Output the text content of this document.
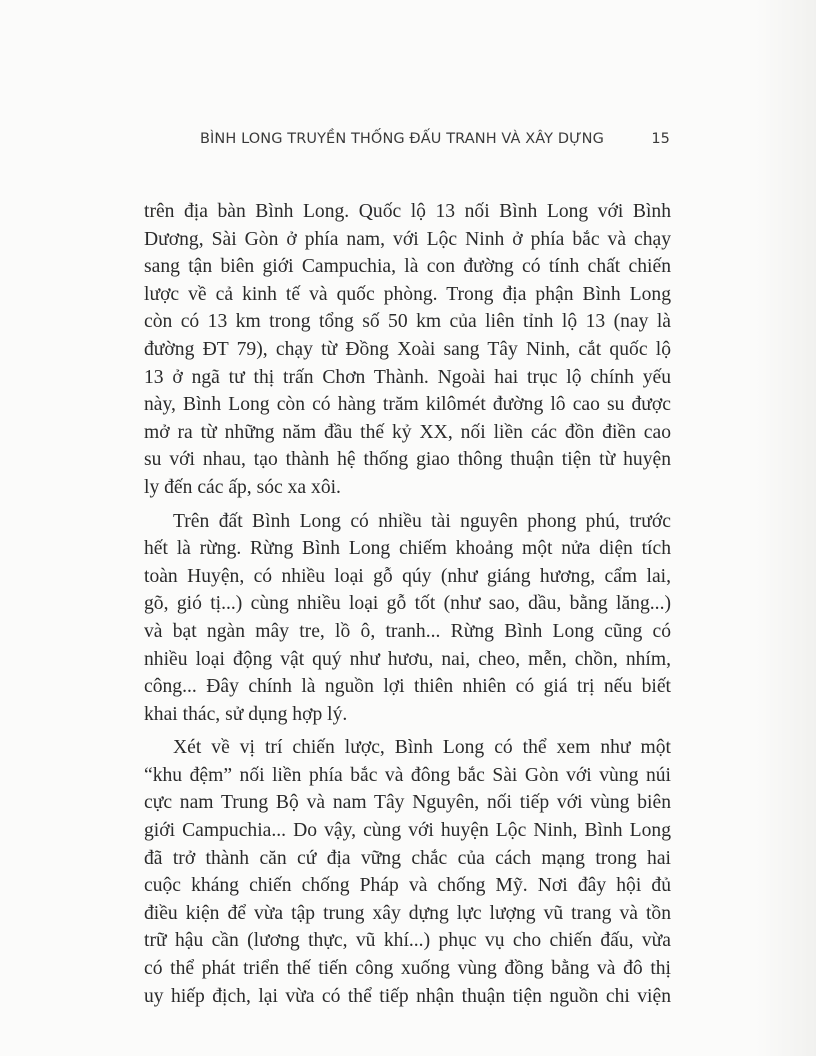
BÌNH LONG TRUYỀN THỐNG ĐẤU TRANH VÀ XÂY DỰNG	15
trên địa bàn Bình Long. Quốc lộ 13 nối Bình Long với Bình
Dương, Sài Gòn ở phía nam, với Lộc Ninh ở phía bắc và chạy
sang tận biên giới Campuchia, là con đường có tính chất chiến
lược về cả kinh tế và quốc phòng. Trong địa phận Bình Long
còn có 13 km trong tổng số 50 km của liên tỉnh lộ 13 (nay là
đường ĐT 79), chạy từ Đồng Xoài sang Tây Ninh, cắt quốc lộ
13 ở ngã tư thị trấn Chơn Thành. Ngoài hai trục lộ chính yếu
này, Bình Long còn có hàng trăm kilômét đường lô cao su được
mở ra từ những năm đầu thế kỷ XX, nối liền các đồn điền cao
su với nhau, tạo thành hệ thống giao thông thuận tiện từ huyện
ly đến các ấp, sóc xa xôi.
Trên đất Bình Long có nhiều tài nguyên phong phú, trước
hết là rừng. Rừng Bình Long chiếm khoảng một nửa diện tích
toàn Huyện, có nhiều loại gỗ qúy (như giáng hương, cẩm lai,
gõ, gió tị...) cùng nhiều loại gỗ tốt (như sao, dầu, bằng lăng...)
và bạt ngàn mây tre, lồ ô, tranh... Rừng Bình Long cũng có
nhiều loại động vật quý như hươu, nai, cheo, mễn, chồn, nhím,
công... Đây chính là nguồn lợi thiên nhiên có giá trị nếu biết
khai thác, sử dụng hợp lý.
Xét về vị trí chiến lược, Bình Long có thể xem như một
“khu đệm” nối liền phía bắc và đông bắc Sài Gòn với vùng núi
cực nam Trung Bộ và nam Tây Nguyên, nối tiếp với vùng biên
giới Campuchia... Do vậy, cùng với huyện Lộc Ninh, Bình Long
đã trở thành căn cứ địa vững chắc của cách mạng trong hai
cuộc kháng chiến chống Pháp và chống Mỹ. Nơi đây hội đủ
điều kiện để vừa tập trung xây dựng lực lượng vũ trang và tồn
trữ hậu cần (lương thực, vũ khí...) phục vụ cho chiến đấu, vừa
có thể phát triển thế tiến công xuống vùng đồng bằng và đô thị
uy hiếp địch, lại vừa có thể tiếp nhận thuận tiện nguồn chi viện
